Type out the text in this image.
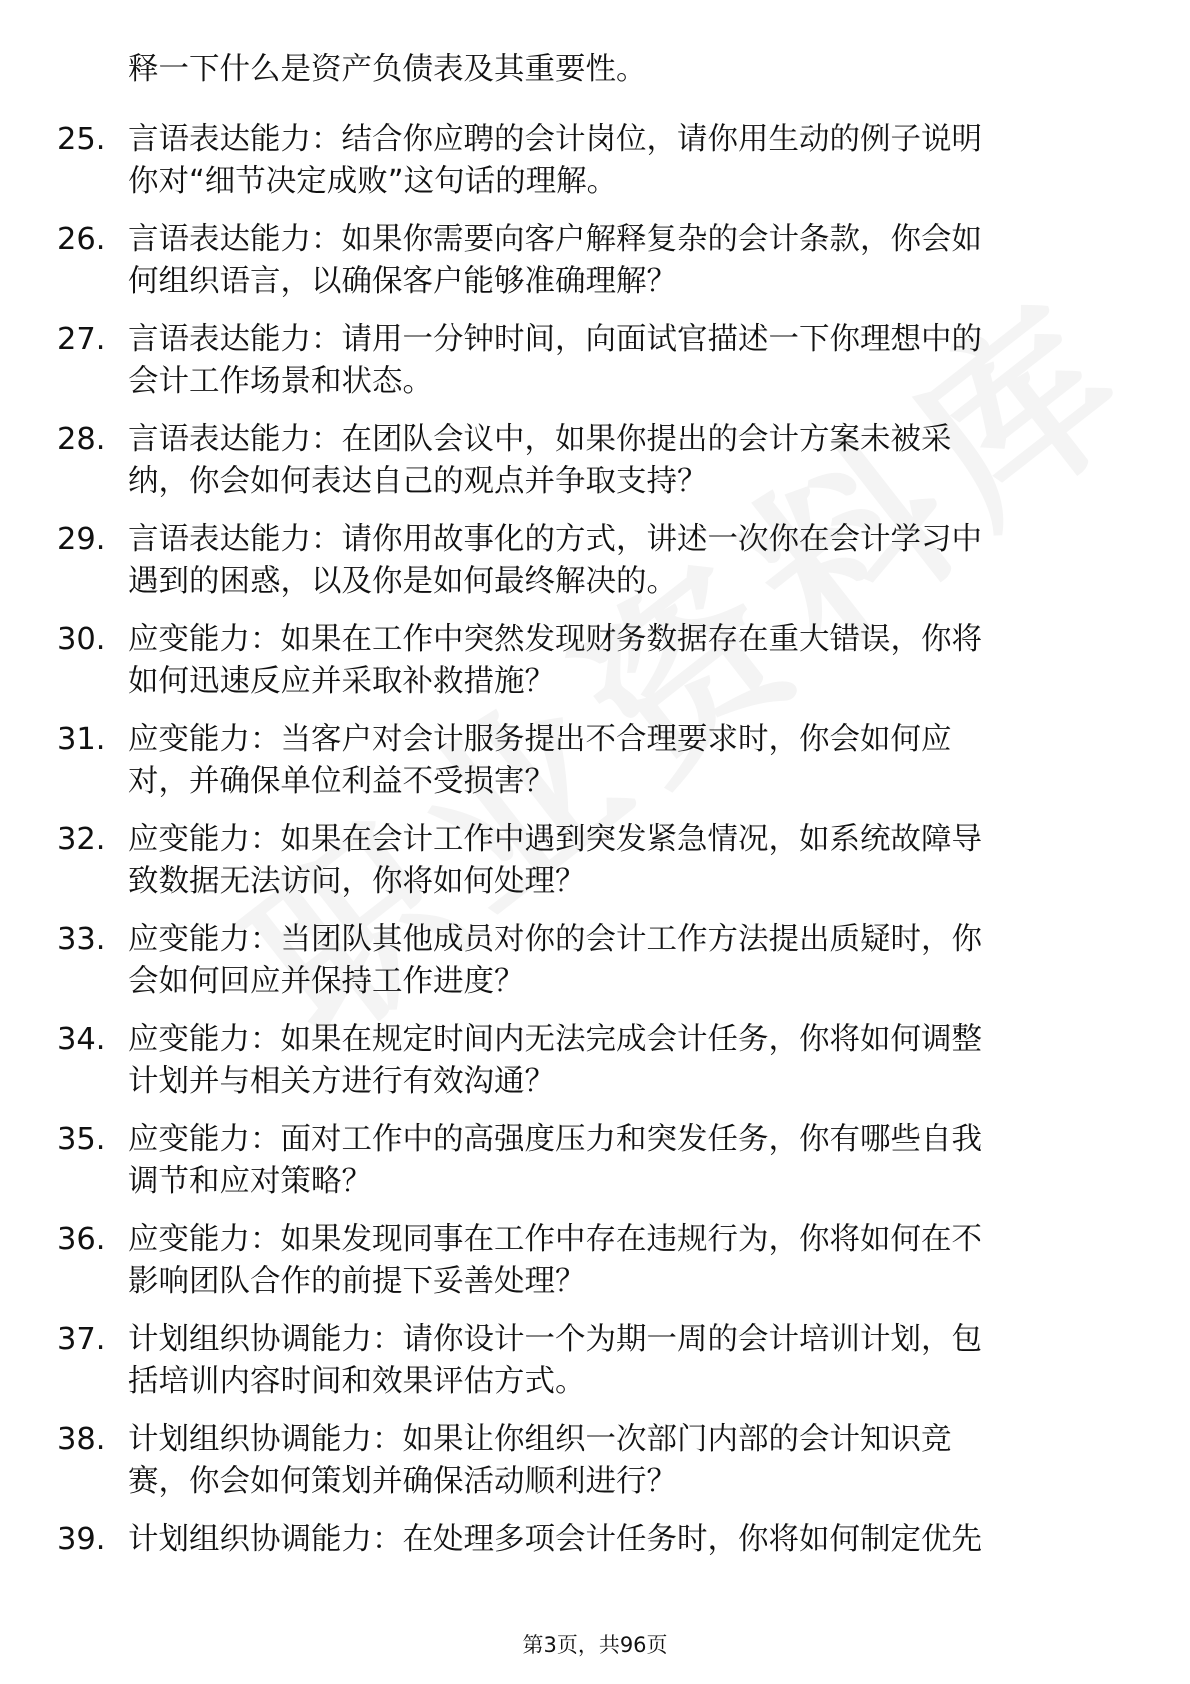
释一下什么是资产负债表及其重要性。
25. 言语表达能力：结合你应聘的会计岗位，请你用生动的例子说明
你对“细节决定成败”这句话的理解。
26. 言语表达能力：如果你需要向客户解释复杂的会计条款，你会如
何组织语言，以确保客户能够准确理解？
27. 言语表达能力：请用一分钟时间，向面试官描述一下你理想中的
会计工作场景和状态。
28. 言语表达能力：在团队会议中，如果你提出的会计方案未被采
纳，你会如何表达自己的观点并争取支持？
29. 言语表达能力：请你用故事化的方式，讲述一次你在会计学习中
遇到的困惑，以及你是如何最终解决的。
30. 应变能力：如果在工作中突然发现财务数据存在重大错误，你将
如何迅速反应并采取补救措施？
31. 应变能力：当客户对会计服务提出不合理要求时，你会如何应
对，并确保单位利益不受损害？
32. 应变能力：如果在会计工作中遇到突发紧急情况，如系统故障导
致数据无法访问，你将如何处理？
33. 应变能力：当团队其他成员对你的会计工作方法提出质疑时，你
会如何回应并保持工作进度？
34. 应变能力：如果在规定时间内无法完成会计任务，你将如何调整
计划并与相关方进行有效沟通？
35. 应变能力：面对工作中的高强度压力和突发任务，你有哪些自我
调节和应对策略？
36. 应变能力：如果发现同事在工作中存在违规行为，你将如何在不
影响团队合作的前提下妥善处理？
37. 计划组织协调能力：请你设计一个为期一周的会计培训计划，包
括培训内容时间和效果评估方式。
38. 计划组织协调能力：如果让你组织一次部门内部的会计知识竞
赛，你会如何策划并确保活动顺利进行？
39. 计划组织协调能力：在处理多项会计任务时，你将如何制定优先
第3页，共96页
